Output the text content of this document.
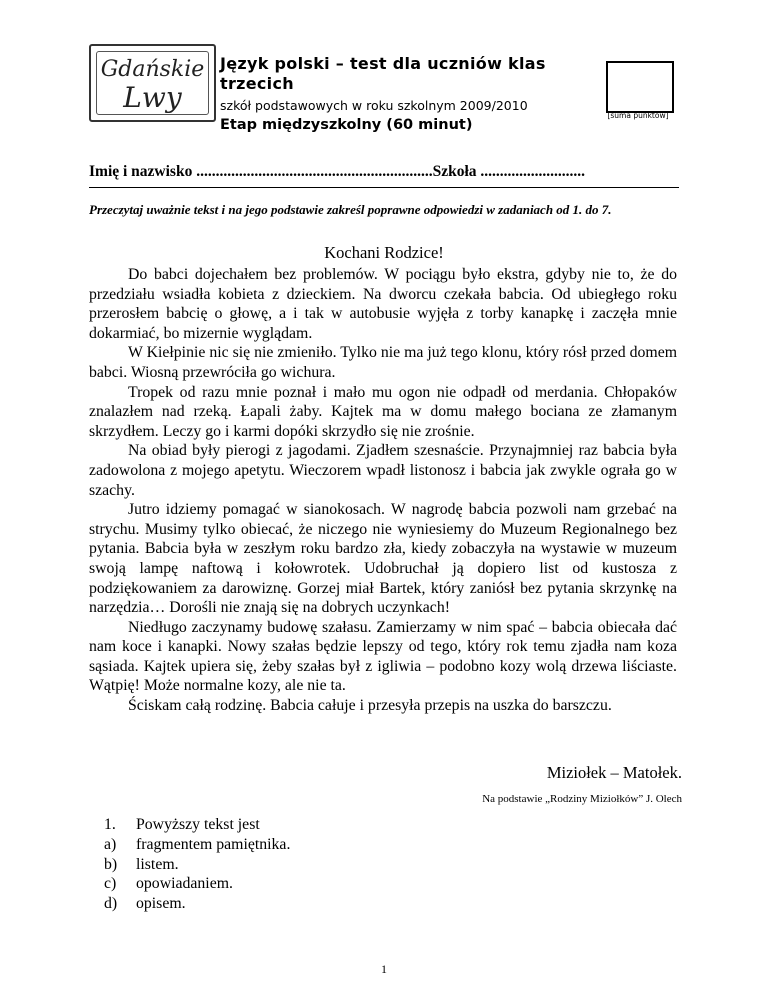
Gdańskie
Lwy
Język polski – test dla uczniów klas trzecich
szkół podstawowych w roku szkolnym 2009/2010
Etap międzyszkolny (60 minut)
[suma punktów]
Imię i nazwisko .............................................................Szkoła ...........................
Przeczytaj uważnie tekst i na jego podstawie zakreśl poprawne odpowiedzi w zadaniach od 1. do 7.
Kochani Rodzice!

Do babci dojechałem bez problemów. W pociągu było ekstra, gdyby nie to, że do przedziału wsiadła kobieta z dzieckiem. Na dworcu czekała babcia. Od ubiegłego roku przerosłem babcię o głowę, a i tak w autobusie wyjęła z torby kanapkę i zaczęła mnie dokarmiać, bo mizernie wyglądam.

W Kiełpinie nic się nie zmieniło. Tylko nie ma już tego klonu, który rósł przed domem babci. Wiosną przewróciła go wichura.

Tropek od razu mnie poznał i mało mu ogon nie odpadł od merdania. Chłopaków znalazłem nad rzeką. Łapali żaby. Kajtek ma w domu małego bociana ze złamanym skrzydłem. Leczy go i karmi dopóki skrzydło się nie zrośnie.

Na obiad były pierogi z jagodami. Zjadłem szesnaście. Przynajmniej raz babcia była zadowolona z mojego apetytu. Wieczorem wpadł listonosz i babcia jak zwykle ograła go w szachy.

Jutro idziemy pomagać w sianokosach. W nagrodę babcia pozwoli nam grzebać na strychu. Musimy tylko obiecać, że niczego nie wyniesiemy do Muzeum Regionalnego bez pytania. Babcia była w zeszłym roku bardzo zła, kiedy zobaczyła na wystawie w muzeum swoją lampę naftową i kołowrotek. Udobruchał ją dopiero list od kustosza z podziękowaniem za darowiznę. Gorzej miał Bartek, który zaniósł bez pytania skrzynkę na narzędzia… Dorośli nie znają się na dobrych uczynkach!

Niedługo zaczynamy budowę szałasu. Zamierzamy w nim spać – babcia obiecała dać nam koce i kanapki. Nowy szałas będzie lepszy od tego, który rok temu zjadła nam koza sąsiada. Kajtek upiera się, żeby szałas był z igliwia – podobno kozy wolą drzewa liściaste. Wątpię! Może normalne kozy, ale nie ta.

Ściskam całą rodzinę. Babcia całuje i przesyła przepis na uszka do barszczu.

Miziołek – Matołek.
Na podstawie „Rodziny Miziołków” J. Olech
1.	Powyższy tekst jest
a)	fragmentem pamiętnika.
b)	listem.
c)	opowiadaniem.
d)	opisem.
1
